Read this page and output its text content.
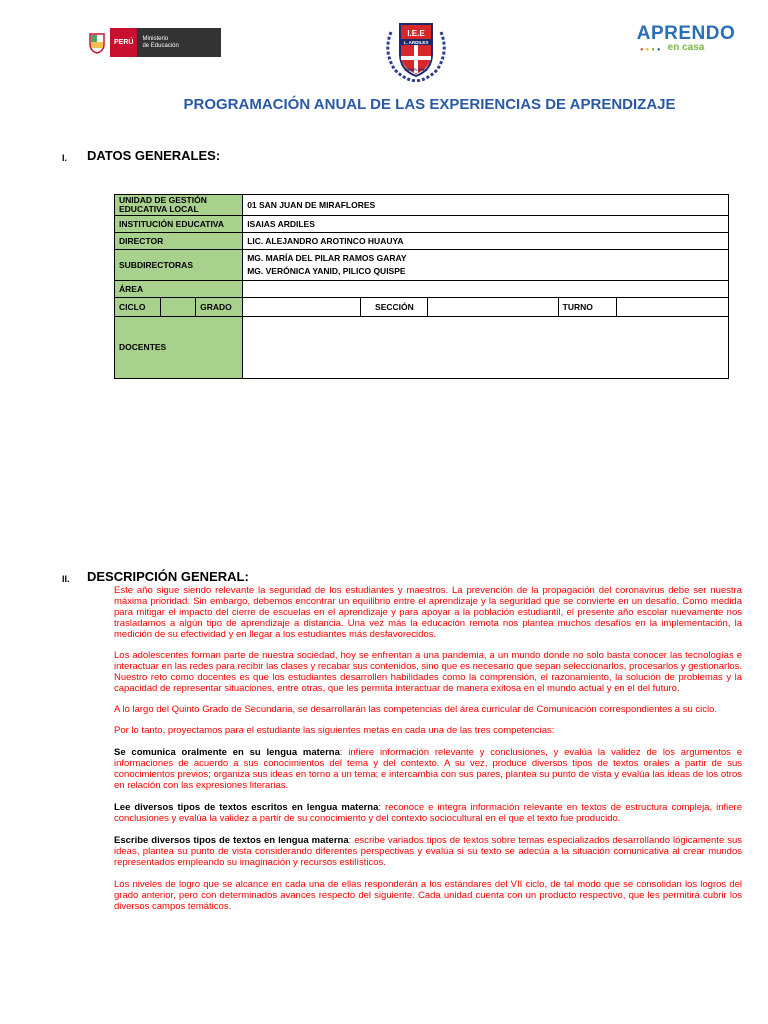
PERÚ
Ministerio
de Educación
I.E.E
L. ARDILES
MIRAFLORES
APRENDO
●●●● en casa
PROGRAMACIÓN ANUAL DE LAS EXPERIENCIAS DE APRENDIZAJE
I. DATOS GENERALES:
UNIDAD DE GESTIÓN EDUCATIVA LOCAL			01 SAN JUAN DE MIRAFLORES				
INSTITUCIÓN EDUCATIVA			ISAIAS ARDILES				
DIRECTOR			LIC. ALEJANDRO AROTINCO HUAUYA				
SUBDIRECTORAS			MG. MARÍA DEL PILAR RAMOS GARAY
MG. VERÓNICA YANID, PILICO QUISPE				

ÁREA							
CICLO		GRADO		SECCIÓN		TURNO	
DOCENTES							
II. DESCRIPCIÓN GENERAL:

Este año sigue siendo relevante la seguridad de los estudiantes y maestros. La prevención de la propagación del coronavirus debe ser nuestra máxima prioridad. Sin embargo, debemos encontrar un equilibrio entre el aprendizaje y la seguridad que se convierte en un desafío. Como medida para mitigar el impacto del cierre de escuelas en el aprendizaje y para apoyar a la población estudiantil, el presente año escolar nuevamente nos trasladamos a algún tipo de aprendizaje a distancia. Una vez más la educación remota nos plantea muchos desafíos en la implementación, la medición de su efectividad y en llegar a los estudiantes más desfavorecidos.

Los adolescentes forman parte de nuestra sociedad, hoy se enfrentan a una pandemia, a un mundo donde no solo basta conocer las tecnologías e interactuar en las redes para recibir las clases y recabar sus contenidos, sino que es necesario que sepan seleccionarlos, procesarlos y gestionarlos. Nuestro reto como docentes es que los estudiantes desarrollen habilidades como la comprensión, el razonamiento, la solución de problemas y la capacidad de representar situaciones, entre otras, que les permita interactuar de manera exitosa en el mundo actual y en el del futuro.

A lo largo del Quinto Grado de Secundaria, se desarrollarán las competencias del área curricular de Comunicación correspondientes a su ciclo.

Por lo tanto, proyectamos para el estudiante las siguientes metas en cada una de las tres competencias:

Se comunica oralmente en su lengua materna: infiere información relevante y conclusiones, y evalúa la validez de los argumentos e informaciones de acuerdo a sus conocimientos del tema y del contexto. A su vez, produce diversos tipos de textos orales a partir de sus conocimientos previos; organiza sus ideas en torno a un tema; e intercambia con sus pares, plantea su punto de vista y evalúa las ideas de los otros en relación con las expresiones literarias.

Lee diversos tipos de textos escritos en lengua materna: reconoce e integra información relevante en textos de estructura compleja, infiere conclusiones y evalúa la validez a partir de su conocimiento y del contexto sociocultural en el que el texto fue producido.

Escribe diversos tipos de textos en lengua materna: escribe variados tipos de textos sobre temas especializados desarrollando lógicamente sus ideas, plantea su punto de vista considerando diferentes perspectivas y evalúa si su texto se adecúa a la situación comunicativa al crear mundos representados empleando su imaginación y recursos estilísticos.

Los niveles de logro que se alcance en cada una de ellas responderán a los estándares del VII ciclo, de tal modo que se consolidan los logros del grado anterior, pero con determinados avances respecto del siguiente. Cada unidad cuenta con un producto respectivo, que les permitirá cubrir los diversos campos temáticos.
